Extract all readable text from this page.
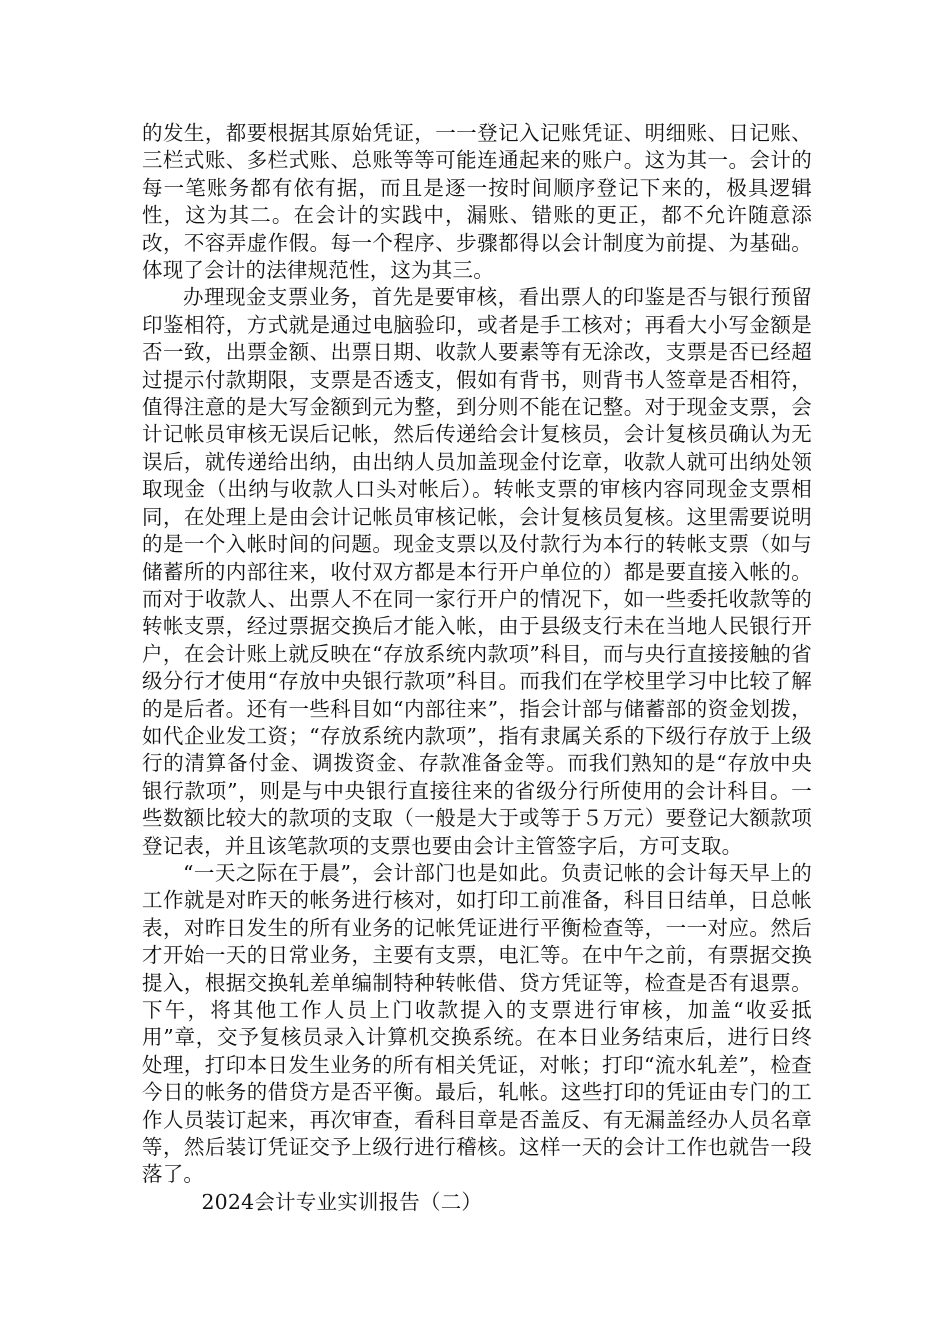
的发生，都要根据其原始凭证，一一登记入记账凭证、明细账、日记账、三栏式账、多栏式账、总账等等可能连通起来的账户。这为其一。会计的每一笔账务都有依有据，而且是逐一按时间顺序登记下来的，极具逻辑性，这为其二。在会计的实践中，漏账、错账的更正，都不允许随意添改，不容弄虚作假。每一个程序、步骤都得以会计制度为前提、为基础。体现了会计的法律规范性，这为其三。

办理现金支票业务，首先是要审核，看出票人的印鉴是否与银行预留印鉴相符，方式就是通过电脑验印，或者是手工核对；再看大小写金额是否一致，出票金额、出票日期、收款人要素等有无涂改，支票是否已经超过提示付款期限，支票是否透支，假如有背书，则背书人签章是否相符，值得注意的是大写金额到元为整，到分则不能在记整。对于现金支票，会计记帐员审核无误后记帐，然后传递给会计复核员，会计复核员确认为无误后，就传递给出纳，由出纳人员加盖现金付讫章，收款人就可出纳处领取现金（出纳与收款人口头对帐后）。转帐支票的审核内容同现金支票相同，在处理上是由会计记帐员审核记帐，会计复核员复核。这里需要说明的是一个入帐时间的问题。现金支票以及付款行为本行的转帐支票（如与储蓄所的内部往来，收付双方都是本行开户单位的）都是要直接入帐的。而对于收款人、出票人不在同一家行开户的情况下，如一些委托收款等的转帐支票，经过票据交换后才能入帐，由于县级支行未在当地人民银行开户，在会计账上就反映在“存放系统内款项”科目，而与央行直接接触的省级分行才使用“存放中央银行款项”科目。而我们在学校里学习中比较了解的是后者。还有一些科目如“内部往来”，指会计部与储蓄部的资金划拨，如代企业发工资；“存放系统内款项”，指有隶属关系的下级行存放于上级行的清算备付金、调拨资金、存款准备金等。而我们熟知的是“存放中央银行款项”，则是与中央银行直接往来的省级分行所使用的会计科目。一些数额比较大的款项的支取（一般是大于或等于５万元）要登记大额款项登记表，并且该笔款项的支票也要由会计主管签字后，方可支取。

“一天之际在于晨”，会计部门也是如此。负责记帐的会计每天早上的工作就是对昨天的帐务进行核对，如打印工前准备，科目日结单，日总帐表，对昨日发生的所有业务的记帐凭证进行平衡检查等，一一对应。然后才开始一天的日常业务，主要有支票，电汇等。在中午之前，有票据交换提入，根据交换轧差单编制特种转帐借、贷方凭证等，检查是否有退票。下午，将其他工作人员上门收款提入的支票进行审核，加盖“收妥抵用”章，交予复核员录入计算机交换系统。在本日业务结束后，进行日终处理，打印本日发生业务的所有相关凭证，对帐；打印“流水轧差”，检查今日的帐务的借贷方是否平衡。最后，轧帐。这些打印的凭证由专门的工作人员装订起来，再次审查，看科目章是否盖反、有无漏盖经办人员名章等，然后装订凭证交予上级行进行稽核。这样一天的会计工作也就告一段落了。

2024会计专业实训报告（二）
